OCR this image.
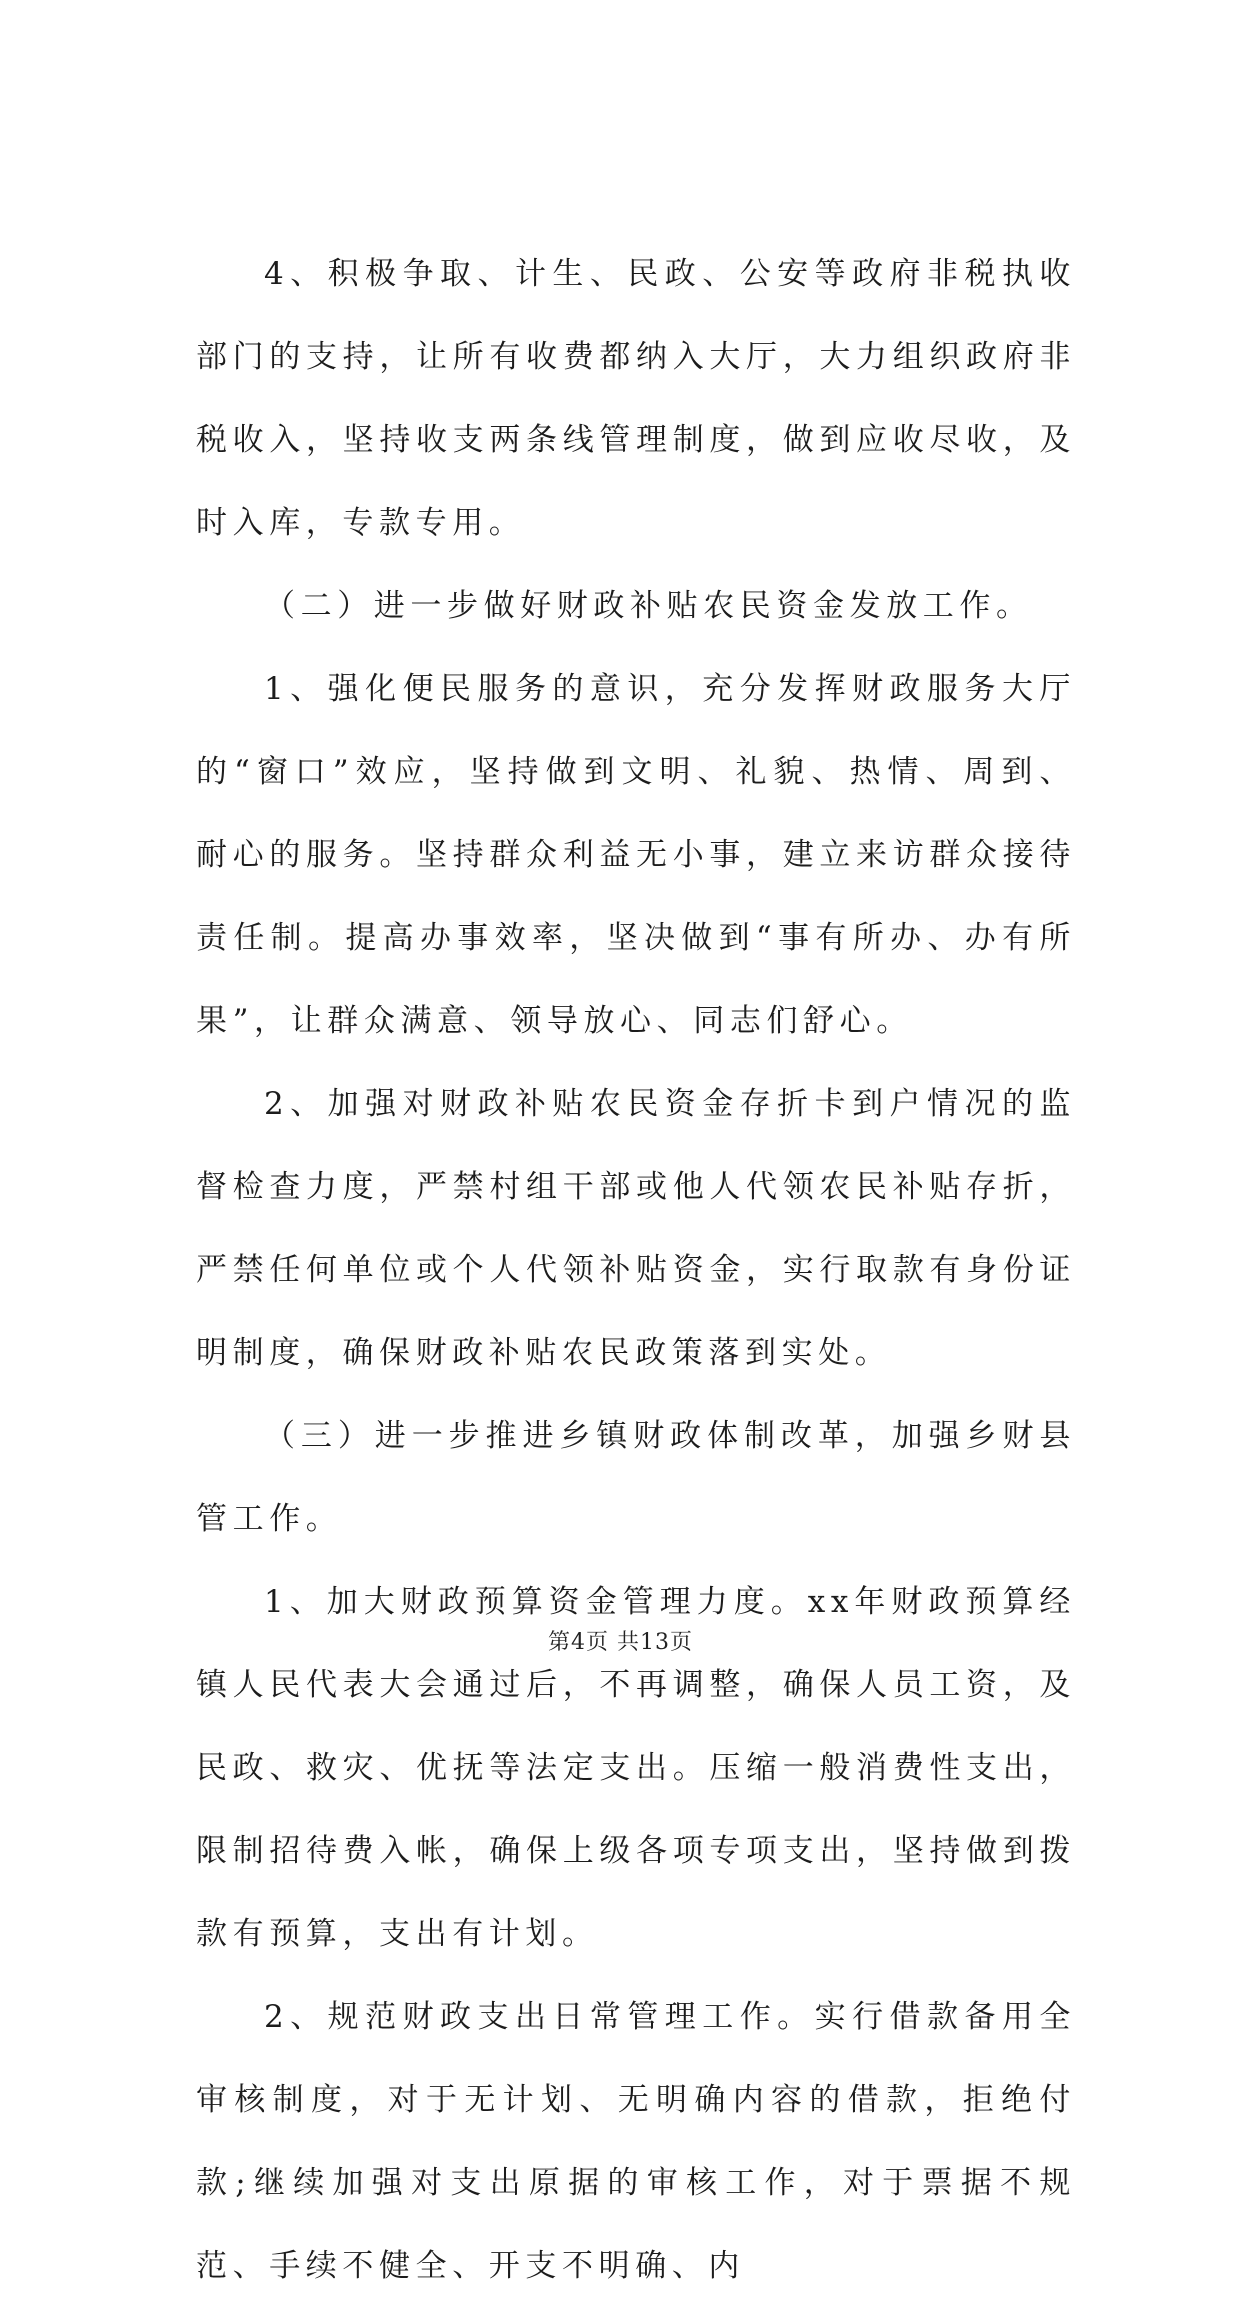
4、积极争取、计生、民政、公安等政府非税执收部门的支持，让所有收费都纳入大厅，大力组织政府非税收入，坚持收支两条线管理制度，做到应收尽收，及时入库，专款专用。

（二）进一步做好财政补贴农民资金发放工作。

1、强化便民服务的意识，充分发挥财政服务大厅的“窗口”效应，坚持做到文明、礼貌、热情、周到、耐心的服务。坚持群众利益无小事，建立来访群众接待责任制。提高办事效率，坚决做到“事有所办、办有所果”，让群众满意、领导放心、同志们舒心。

2、加强对财政补贴农民资金存折卡到户情况的监督检查力度，严禁村组干部或他人代领农民补贴存折，严禁任何单位或个人代领补贴资金，实行取款有身份证明制度，确保财政补贴农民政策落到实处。

（三）进一步推进乡镇财政体制改革，加强乡财县管工作。

1、加大财政预算资金管理力度。xx年财政预算经镇人民代表大会通过后，不再调整，确保人员工资，及民政、救灾、优抚等法定支出。压缩一般消费性支出，限制招待费入帐，确保上级各项专项支出，坚持做到拨款有预算，支出有计划。

2、规范财政支出日常管理工作。实行借款备用全审核制度，对于无计划、无明确内容的借款，拒绝付款;继续加强对支出原据的审核工作，对于票据不规范、手续不健全、开支不明确、内

第4页 共13页
